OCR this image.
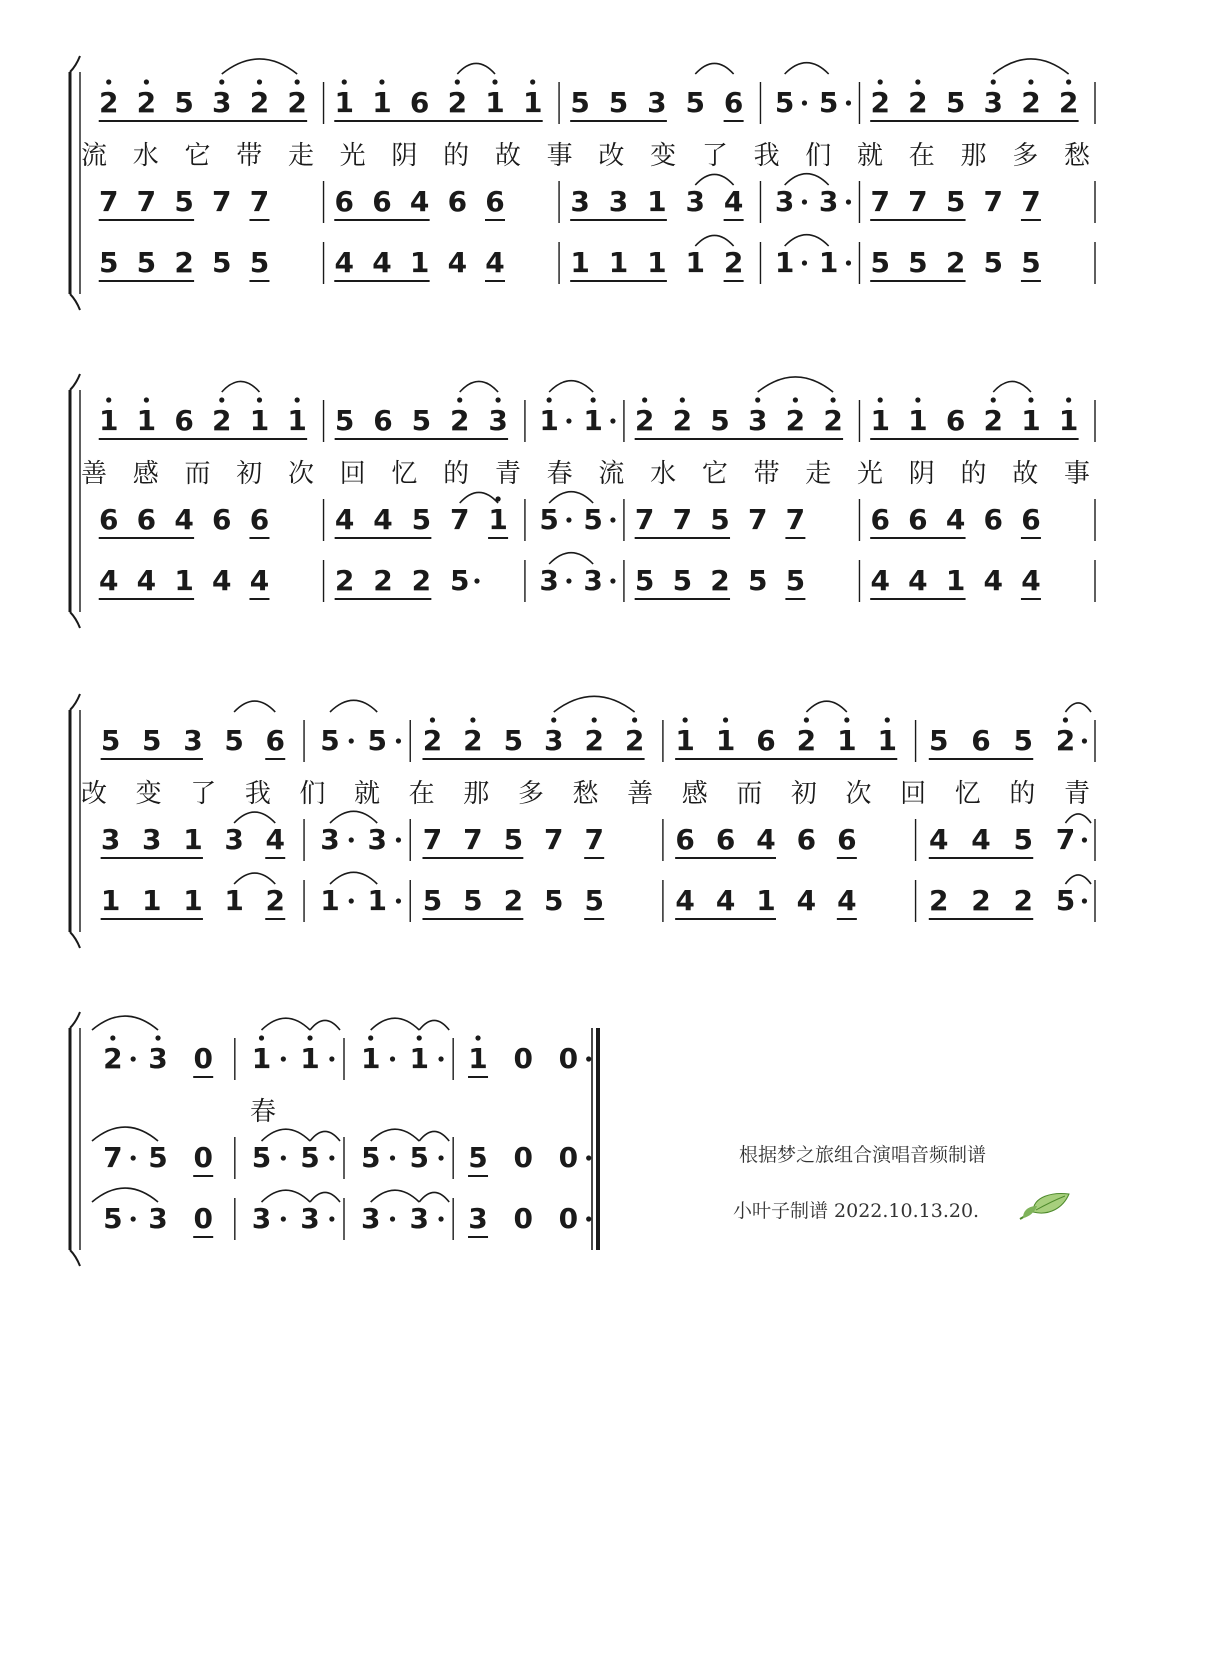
2 2 5 3 2 2
7 7 5 7 7
5 5 2 5 5
1 1 6 2 1 1
6 6 4 6 6
4 4 1 4 4
5 5 3 5 6
3 3 1 3 4
1 1 1 1 2
5 5
3 3
1 1
2 2 5 3 2 2
7 7 5 7 7
5 5 2 5 5
流 水 它 带 走 光 阴 的 故 事 改 变 了 我 们 就 在 那 多 愁
1 1 6 2 1 1
6 6 4 6 6
4 4 1 4 4
5 6 5 2 3
4 4 5 7 1
2 2 2 5
1 1
5 5
3 3
2 2 5 3 2 2
7 7 5 7 7
5 5 2 5 5
1 1 6 2 1 1
6 6 4 6 6
4 4 1 4 4
善 感 而 初 次 回 忆 的 青 春 流 水 它 带 走 光 阴 的 故 事
5 5 3 5 6
3 3 1 3 4
1 1 1 1 2
5 5
3 3
1 1
2 2 5 3 2 2
7 7 5 7 7
5 5 2 5 5
1 1 6 2 1 1
6 6 4 6 6
4 4 1 4 4
5 6 5 2
4 4 5 7
2 2 2 5
改 变 了 我 们 就 在 那 多 愁 善 感 而 初 次 回 忆 的 青
2 3 0
7 5 0
5 3 0
1 1
5 5
3 3
1 1
5 5
3 3
1 0 0
5 0 0
3 0 0
春
根据梦之旅组合演唱音频制谱
小叶子制谱 2022.10.13.20.
